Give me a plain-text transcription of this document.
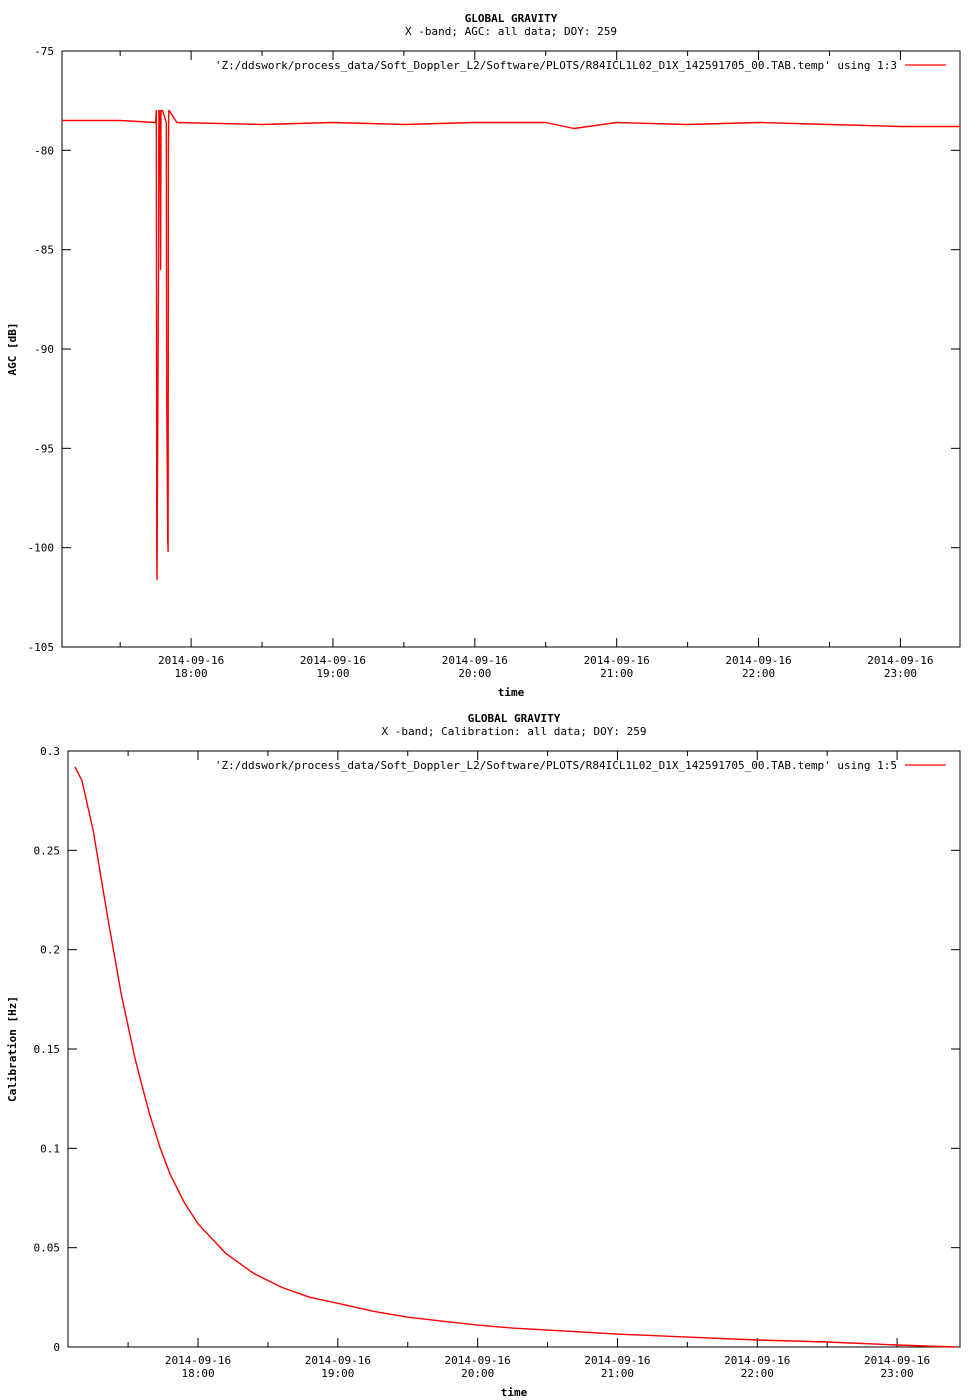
GLOBAL GRAVITY
X -band; AGC: all data; DOY: 259
-75
-80
-85
-90
-95
-100
-105
2014-09-16
18:00
2014-09-16
19:00
2014-09-16
20:00
2014-09-16
21:00
2014-09-16
22:00
2014-09-16
23:00
time
AGC [dB]
'Z:/ddswork/process_data/Soft_Doppler_L2/Software/PLOTS/R84ICL1L02_D1X_142591705_00.TAB.temp' using 1:3
GLOBAL GRAVITY
X -band; Calibration: all data; DOY: 259
0
0.05
0.1
0.15
0.2
0.25
0.3
2014-09-16
18:00
2014-09-16
19:00
2014-09-16
20:00
2014-09-16
21:00
2014-09-16
22:00
2014-09-16
23:00
time
Calibration [Hz]
'Z:/ddswork/process_data/Soft_Doppler_L2/Software/PLOTS/R84ICL1L02_D1X_142591705_00.TAB.temp' using 1:5
